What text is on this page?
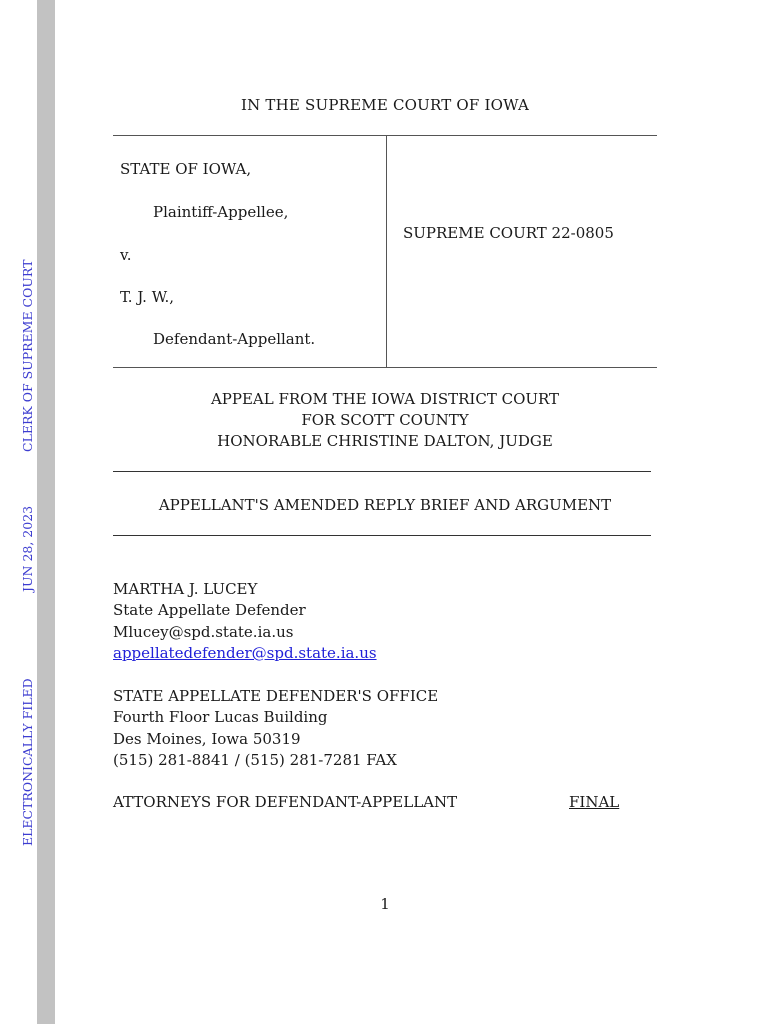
ELECTRONICALLY FILED
JUN 28, 2023
CLERK OF SUPREME COURT
IN THE SUPREME COURT OF IOWA
STATE OF IOWA,
Plaintiff-Appellee,
v.
T. J. W.,
Defendant-Appellant.
SUPREME COURT 22-0805
APPEAL FROM THE IOWA DISTRICT COURT
FOR SCOTT COUNTY
HONORABLE CHRISTINE DALTON, JUDGE
APPELLANT'S AMENDED REPLY BRIEF AND ARGUMENT
MARTHA J. LUCEY
State Appellate Defender
Mlucey@spd.state.ia.us
appellatedefender@spd.state.ia.us
STATE APPELLATE DEFENDER'S OFFICE
Fourth Floor Lucas Building
Des Moines, Iowa 50319
(515) 281-8841 / (515) 281-7281 FAX
ATTORNEYS FOR DEFENDANT-APPELLANT	FINAL
1
